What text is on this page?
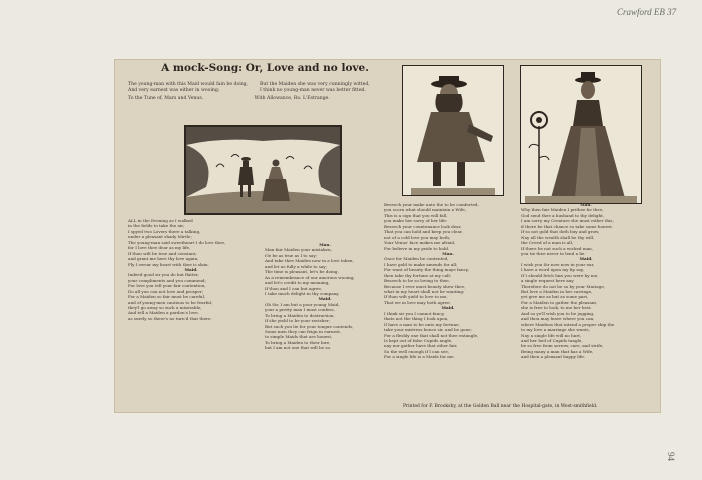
Crawford EB 37
94
A mock-Song: Or, Love and no love.
The young-man with this Maid would fain be doing,
And very earnest was either in wooing;
But the Maiden she was very cunningly witted,
I think no young-man never was better fitted.
To the Tune of, Mars and Venus.	With Allowance, Ro. L'Estrange.
ALL in the Evening as I walked
in the fields to take the air,
I spyed two Lovers there a talking,
under a pleasant shady Mirtle;
The young-man said sweetheart I do love thee,
for I love thee dear as my life,
If thou wilt be true and constant,
and grant me here thy love again,
Fly I swear my heart with thee is slain.
Maid.
Indeed good sir you do but flatter,
your compliments and you commend;
For love you tell your fair contention,
Do all you can not love and prosper;
For a Maiden so fair must be careful,
and of young-men cautious to be fearful,
they'l go away so such a miserable;
And tell a Maiden a pardon's love,
as surely so there's no turn'd that there.
Man.
Man fair Maiden your mistaken,
i'le be as true as I to say;
And take thee Maiden now in a love token,
and let us fully a while to say;
The time is pleasant, let's be doing,
As a remembrance of our amorous wooing;
and let's credit to my meaning,
If thou and I can but agree,
I take much delight in thy company.
Maid.
Oh Sir, I am but a poor young Maid,
your a pretty man I must confess,
To bring a Maiden to destruction,
If she yield to be your ravisher;
But such you lie for your tongue contends,
Some men they can feign in earnest,
to simple Maids that are honest,
To bring a Maiden to their lure,
but I am not one that will be so.
Beseech your make unto the to be comforted,
you scorn what should maintain a Wife,
This is a sign that you will fall,
you make her sorry of her life:
Beseech your countenance look dear,
That you can hold and keep you clear,
not of a cold love you may both;
Your Venus' face makes me afraid,
For believe in my pride to hold.
Man.
Once for Maiden be contented,
I have gold to make amends for all;
For want of beauty the thing maye fancy,
then take thy fortune at my call:
Beseech to be so loving to thee,
Because I ever must beauty shew thee,
what in my heart shall not be wanting:
If thou wilt yield to love to me,
That we in love may both agree.
Maid.
I think sir you I cannot fancy,
thats not the thing I look upon,
Il have a man to be unto my fortune,
take your mistress hence sir, and be gone;
For a fleshly one that shall not thee entangle,
Is kept out of false Cupids angle,
nay nor gather have that other fair,
So the well enough if I can see,
For a single life is a Maids for me.
Man.
Why then fair Maiden I prithee be thee,
God send thee a husband to thy delight,
I am sorry my Creature she must either this,
if there be that chance so take some honest.
If so not gold that doth buy and grow,
Nay all the wealth shall be thy will,
the Creed of a man is all,
If there be not such a wicked man,
you tie thee never to lend a lie.
Maid.
I wish you Sir now now in your ear,
I have a word upon my lip say,
If I should fetch him you were by me,
a single request here any
Therefore do not be so by your Mariage,
But love a Maiden in her carriage,
yet give me as but as some part,
For a Maiden to gather the pleasant,
she is free to look, to me her best.
And so ye'll wish you to be jogging,
and thou may leave where you can,
where Maidens that intend a proper ship the
to my love a marriage she wants,
Nay a single life will no hurt,
and her bed of Cupids tangle,
be so free from sorrow, care, and strife,
Being many a man that has a Wife,
and then a pleasant happy life.
Printed for F. Brooksby, at the Golden Ball near the Hospital-gate, in West-smithfield.
